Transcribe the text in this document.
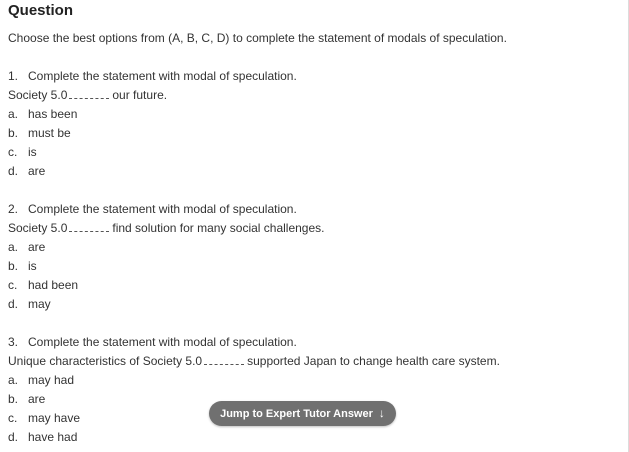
Question
Choose the best options from (A, B, C, D) to complete the statement of modals of speculation.
1. Complete the statement with modal of speculation.
Society 5.0	our future.
a. has been
b. must be
c. is
d. are
2. Complete the statement with modal of speculation.
Society 5.0	find solution for many social challenges.
a. are
b. is
c. had been
d. may
3. Complete the statement with modal of speculation.
Unique characteristics of Society 5.0	supported Japan to change health care system.
a. may had
b. are
c. may have
d. have had
Jump to Expert Tutor Answer ↓
